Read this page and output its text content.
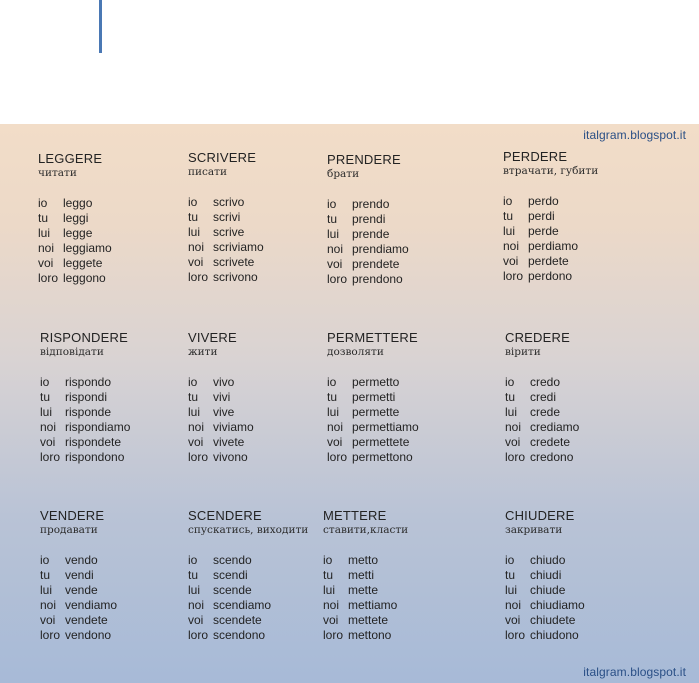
italgram.blogspot.it
italgram.blogspot.it
LEGGERE
читати
io	leggo
tu	leggi
lui	legge
noi leggiamo
voi leggete
loro leggono
SCRIVERE
писати
io	scrivo
tu	scrivi
lui	scrive
noi scriviamo
voi scrivete
loro scrivono
PRENDERE
брати
io	prendo
tu	prendi
lui	prende
noi prendiamo
voi prendete
loro prendono
PERDERE
втрачати, губити
io	perdo
tu	perdi
lui	perde
noi perdiamo
voi perdete
loro perdono
RISPONDERE
відповідати
io	rispondo
tu	rispondi
lui	risponde
noi rispondiamo
voi rispondete
loro rispondono
VIVERE
жити
io	vivo
tu	vivi
lui	vive
noi viviamo
voi vivete
loro vivono
PERMETTERE
дозволяти
io	permetto
tu	permetti
lui	permette
noi permettiamo
voi permettete
loro permettono
CREDERE
вірити
io	credo
tu	credi
lui	crede
noi crediamo
voi credete
loro credono
VENDERE
продавати
io	vendo
tu	vendi
lui	vende
noi vendiamo
voi vendete
loro vendono
SCENDERE
спускатись, виходити
io	scendo
tu	scendi
lui	scende
noi scendiamo
voi scendete
loro scendono
METTERE
ставити,класти
io	metto
tu	metti
lui	mette
noi mettiamo
voi mettete
loro mettono
CHIUDERE
закривати
io	chiudo
tu	chiudi
lui	chiude
noi chiudiamo
voi chiudete
loro chiudono
